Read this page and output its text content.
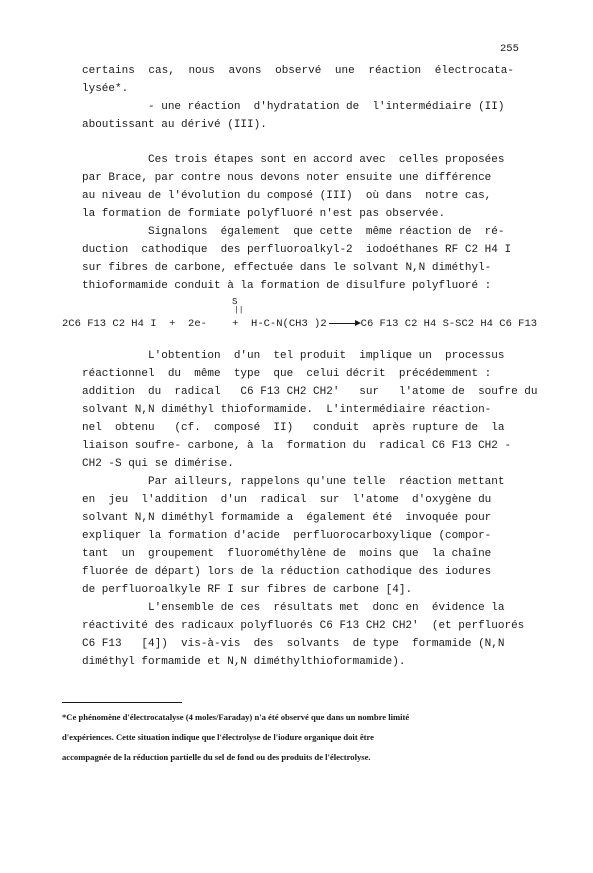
255
certains cas, nous avons observé une réaction électrocata-
lysée*.
- une réaction  d'hydratation de  l'intermédiaire (II)
aboutissant au dérivé (III).
Ces trois étapes sont en accord avec  celles proposées
par Brace, par contre nous devons noter ensuite une différence
au niveau de l'évolution du composé (III)  où dans  notre cas,
la formation de formiate polyfluoré n'est pas observée.
Signalons  également  que cette  même réaction de  ré-
duction  cathodique  des perfluoroalkyl-2  iodoéthanes RF C2 H4 I
sur fibres de carbone, effectuée dans le solvant N,N diméthyl-
thioformamide conduit à la formation de disulfure polyfluoré :
S
||
2C6 F13 C2 H4 I  +  2e-    +  H-C-N(CH3 )2 → C6 F13 C2 H4 S-SC2 H4 C6 F13
L'obtention  d'un  tel produit  implique un  processus
réactionnel  du  même  type  que  celui décrit  précédemment :
addition  du  radical   C6 F13 CH2 CH2'   sur   l'atome de  soufre du
solvant N,N diméthyl thioformamide.  L'intermédiaire réaction-
nel  obtenu   (cf.  composé  II)   conduit  après rupture de  la
liaison soufre- carbone, à la  formation du  radical C6 F13 CH2 -
CH2 -S qui se dimérise.
Par ailleurs, rappelons qu'une telle  réaction mettant
en  jeu  l'addition  d'un  radical  sur  l'atome  d'oxygène du
solvant N,N diméthyl formamide a  également été  invoquée pour
expliquer la formation d'acide  perfluorocarboxylique (compor-
tant  un  groupement  fluorométhylène de  moins que  la chaîne
fluorée de départ) lors de la réduction cathodique des iodures
de perfluoroalkyle RF I sur fibres de carbone [4].
L'ensemble de ces  résultats met  donc en  évidence la
réactivité des radicaux polyfluorés C6 F13 CH2 CH2'  (et perfluorés
C6 F13   [4])  vis-à-vis  des  solvants  de type  formamide (N,N
diméthyl formamide et N,N diméthylthioformamide).
*Ce phénomène d'électrocatalyse (4 moles/Faraday) n'a été observé que dans un nombre limité
d'expériences. Cette situation indique que l'électrolyse de l'iodure organique doit être
accompagnée de la réduction partielle du sel de fond ou des produits de l'électrolyse.
